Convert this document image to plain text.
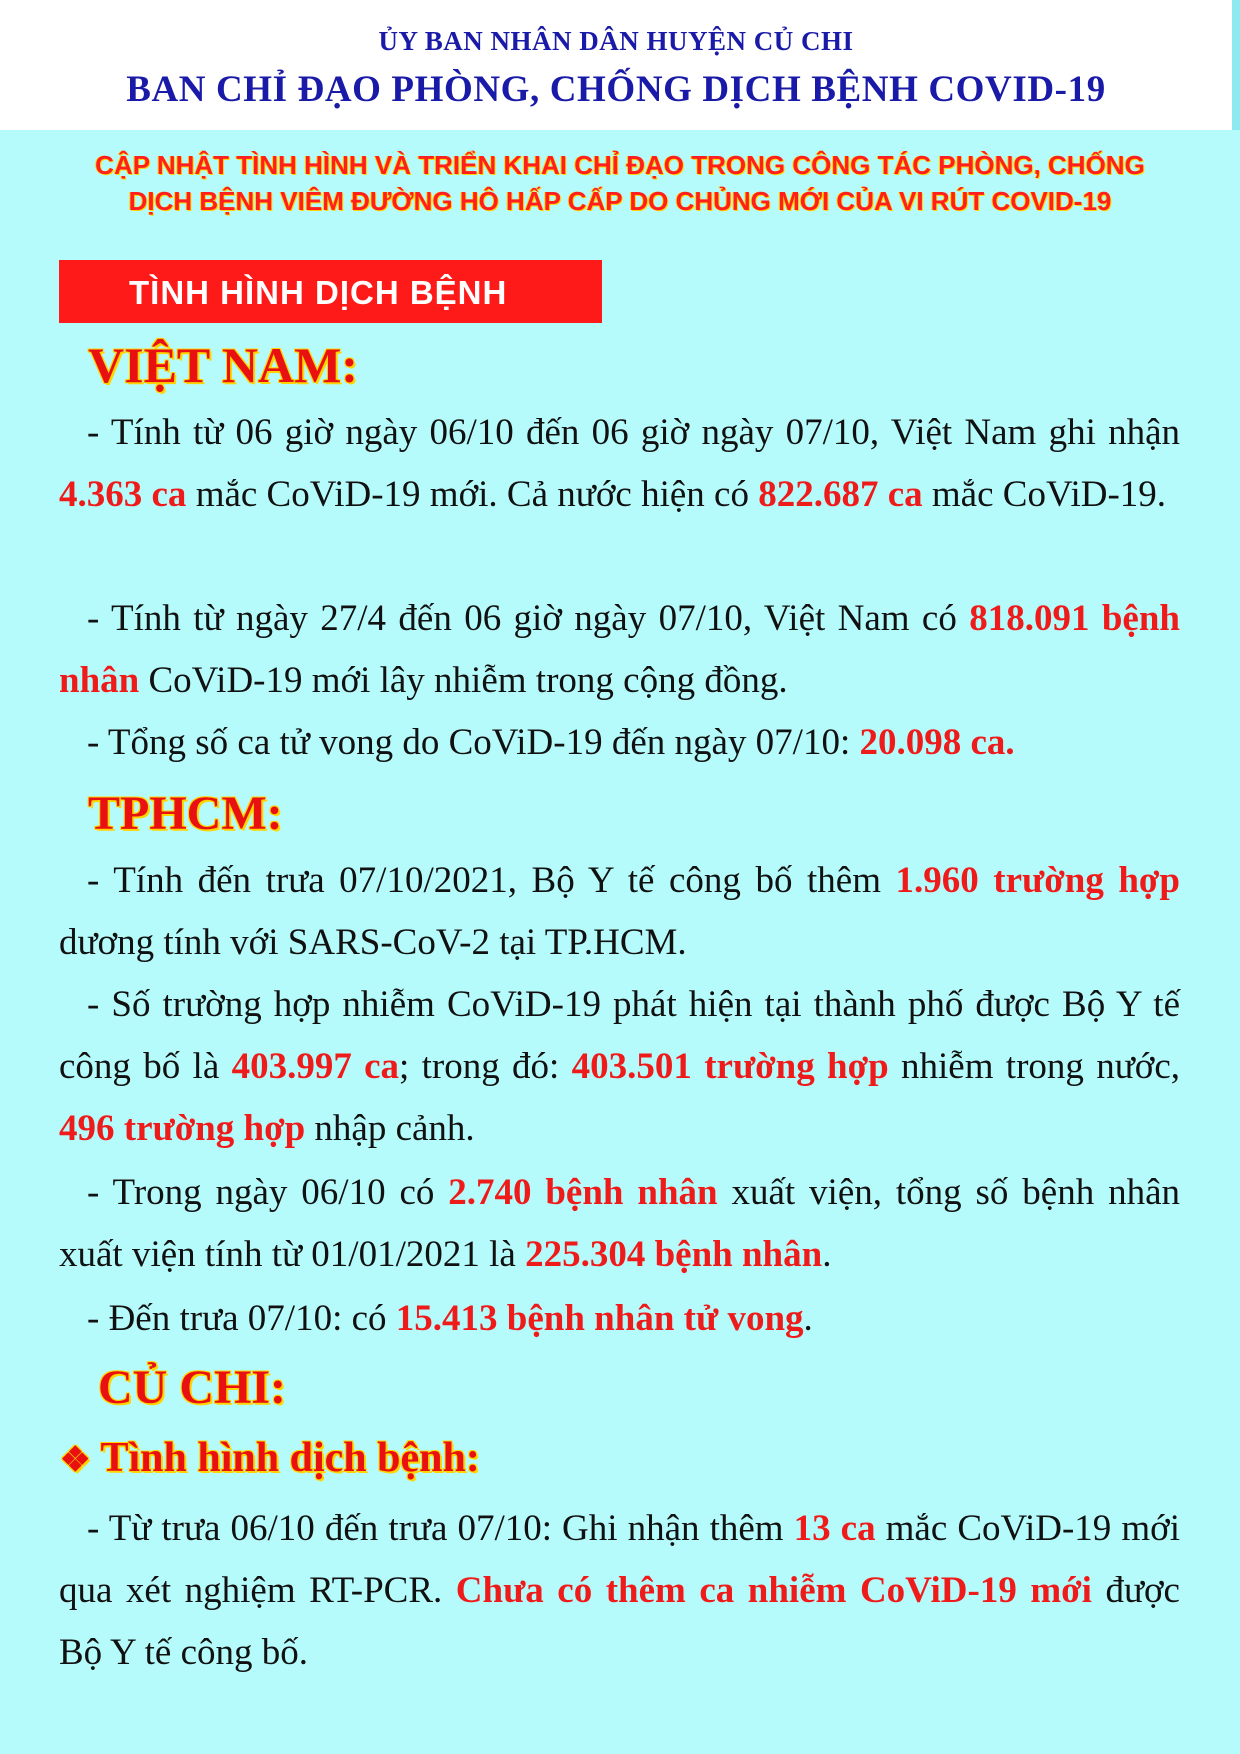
ỦY BAN NHÂN DÂN HUYỆN CỦ CHI
BAN CHỈ ĐẠO PHÒNG, CHỐNG DỊCH BỆNH COVID-19
CẬP NHẬT TÌNH HÌNH VÀ TRIỂN KHAI CHỈ ĐẠO TRONG CÔNG TÁC PHÒNG, CHỐNG
DỊCH BỆNH VIÊM ĐƯỜNG HÔ HẤP CẤP DO CHỦNG MỚI CỦA VI RÚT COVID-19
TÌNH HÌNH DỊCH BỆNH
VIỆT NAM:
- Tính từ 06 giờ ngày 06/10 đến 06 giờ ngày 07/10, Việt Nam ghi nhận 4.363 ca mắc CoViD-19 mới. Cả nước hiện có 822.687 ca mắc CoViD-19.
- Tính từ ngày 27/4 đến 06 giờ ngày 07/10, Việt Nam có 818.091 bệnh nhân CoViD-19 mới lây nhiễm trong cộng đồng.
- Tổng số ca tử vong do CoViD-19 đến ngày 07/10: 20.098 ca.
TPHCM:
- Tính đến trưa 07/10/2021, Bộ Y tế công bố thêm 1.960 trường hợp dương tính với SARS-CoV-2 tại TP.HCM.
- Số trường hợp nhiễm CoViD-19 phát hiện tại thành phố được Bộ Y tế công bố là 403.997 ca; trong đó: 403.501 trường hợp nhiễm trong nước, 496 trường hợp nhập cảnh.
- Trong ngày 06/10 có 2.740 bệnh nhân xuất viện, tổng số bệnh nhân xuất viện tính từ 01/01/2021 là 225.304 bệnh nhân.
- Đến trưa 07/10: có 15.413 bệnh nhân tử vong.
CỦ CHI:
❖ Tình hình dịch bệnh:
- Từ trưa 06/10 đến trưa 07/10: Ghi nhận thêm 13 ca mắc CoViD-19 mới qua xét nghiệm RT-PCR. Chưa có thêm ca nhiễm CoViD-19 mới được Bộ Y tế công bố.
